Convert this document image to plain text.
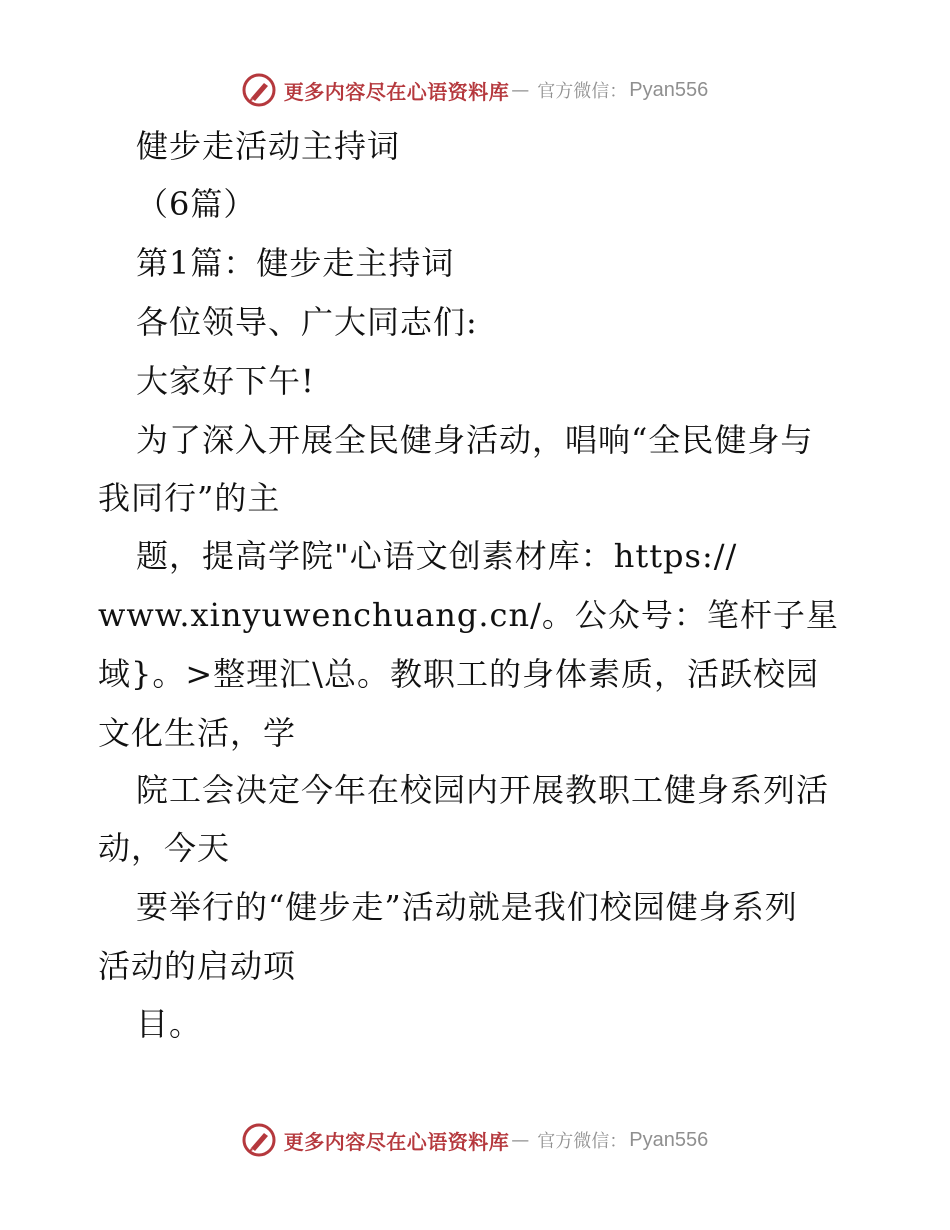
更多内容尽在心语资料库 — 官方微信： Pyan556
健步走活动主持词
（6篇）
第1篇：健步走主持词
各位领导、广大同志们:
大家好下午!
为了深入开展全民健身活动，唱响“全民健身与
我同行”的主
题，提高学院"心语文创素材库：https://
www.xinyuwenchuang.cn/。公众号：笔杆子星
域}。>整理汇\总。教职工的身体素质，活跃校园
文化生活，学
院工会决定今年在校园内开展教职工健身系列活
动，今天
要举行的“健步走”活动就是我们校园健身系列
活动的启动项
目。
更多内容尽在心语资料库 — 官方微信： Pyan556
